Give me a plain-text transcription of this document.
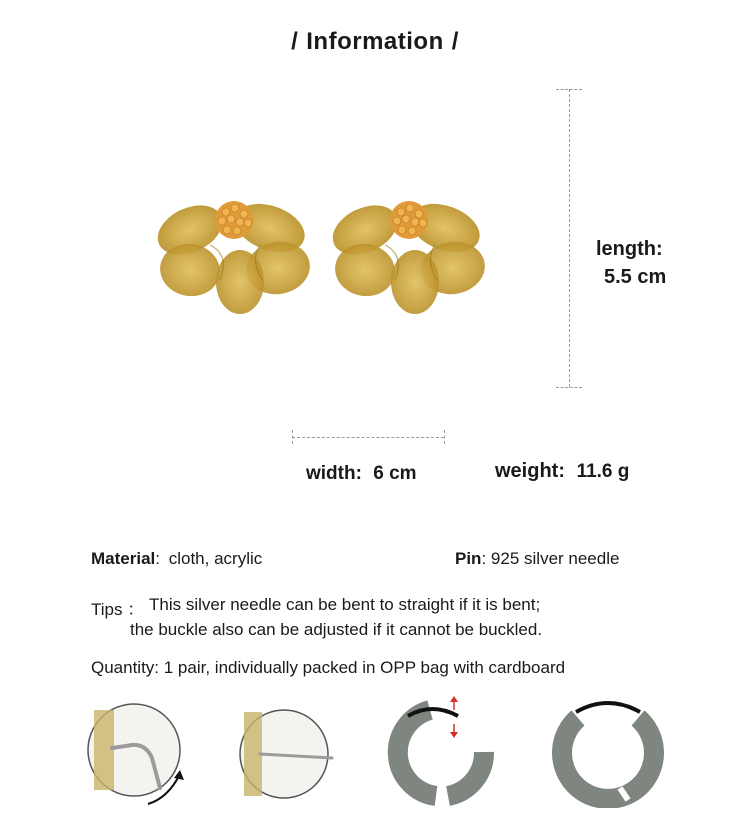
/ Information /
length:
5.5 cm
width: 6 cm	weight: 11.6 g
Material: cloth, acrylic	Pin: 925 silver needle
Tips ： This silver needle can be bent to straight if it is bent;
the buckle also can be adjusted if it cannot be buckled.
Quantity: 1 pair, individually packed in OPP bag with cardboard
